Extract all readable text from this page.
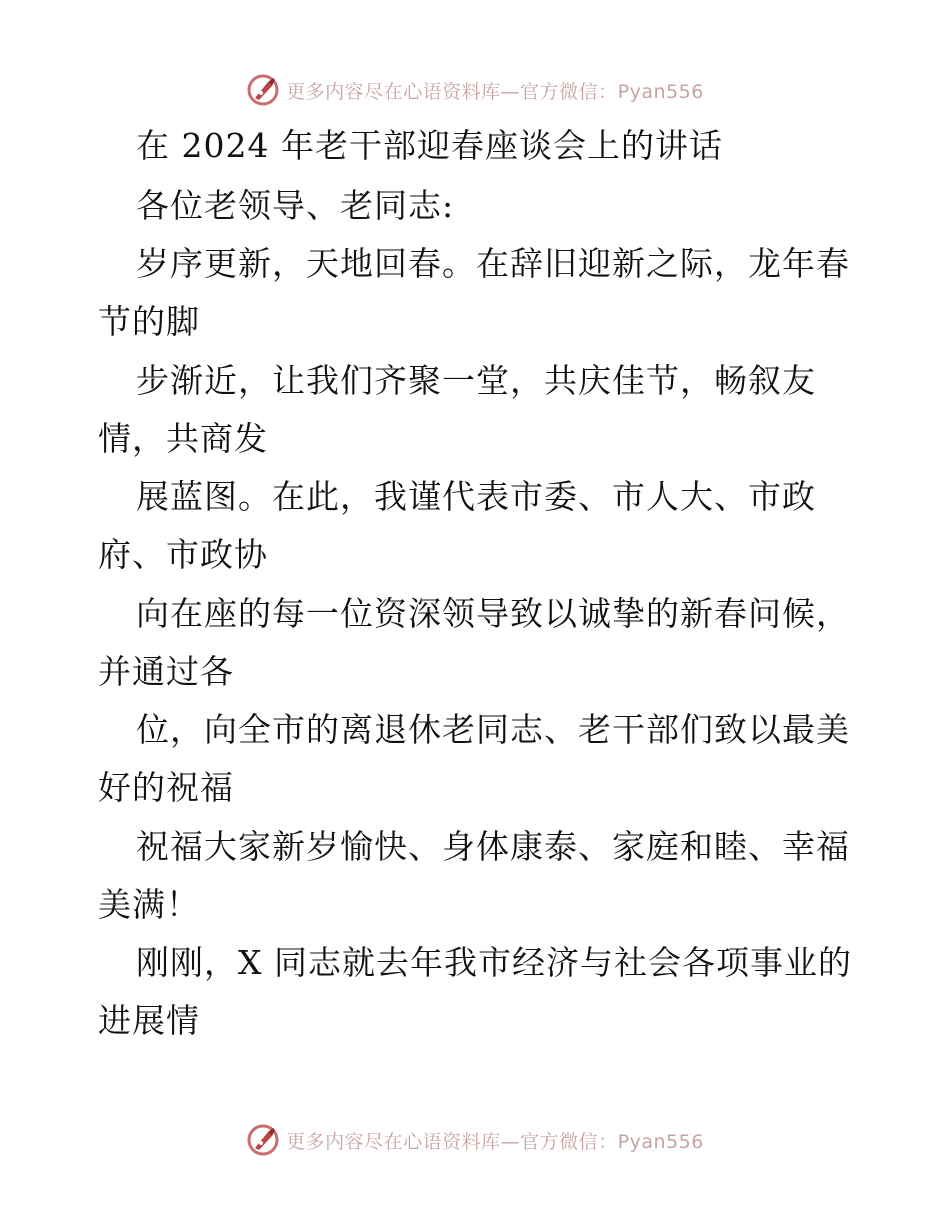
更多内容尽在心语资料库—官方微信：Pyan556

在 2024 年老干部迎春座谈会上的讲话

各位老领导、老同志:

岁序更新，天地回春。在辞旧迎新之际，龙年春

节的脚

步渐近，让我们齐聚一堂，共庆佳节，畅叙友

情，共商发

展蓝图。在此，我谨代表市委、市人大、市政

府、市政协

向在座的每一位资深领导致以诚挚的新春问候，

并通过各

位，向全市的离退休老同志、老干部们致以最美

好的祝福

祝福大家新岁愉快、身体康泰、家庭和睦、幸福

美满！

刚刚，X 同志就去年我市经济与社会各项事业的

进展情

更多内容尽在心语资料库—官方微信：Pyan556
